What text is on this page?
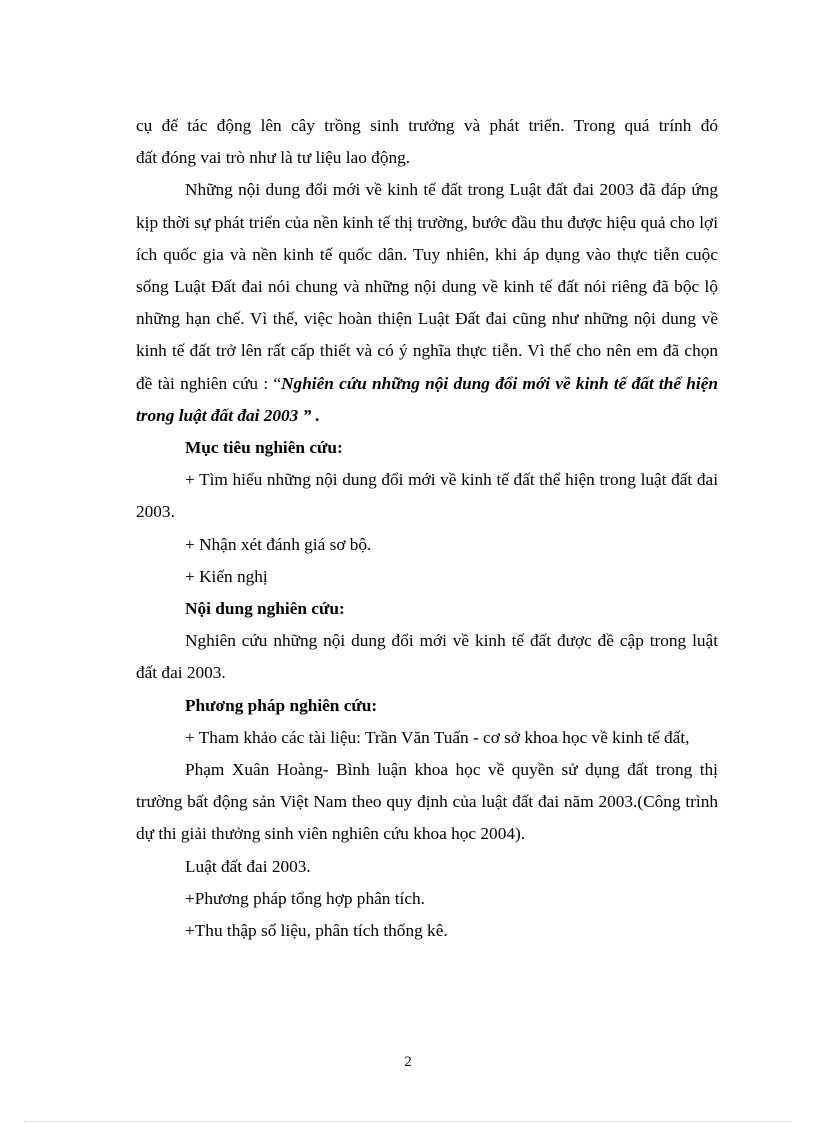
cụ để tác động lên cây trồng sinh trưởng và phát triển. Trong quá trính đó
đất đóng vai trò như là tư liệu lao động.

Những nội dung đổi mới về kinh tế đất trong Luật đất đai 2003 đã đáp ứng kịp thời sự phát triển của nền kinh tế thị trường, bước đầu thu được hiệu quả cho lợi ích quốc gia và nền kinh tế quốc dân. Tuy nhiên, khi áp dụng vào thực tiễn cuộc sống Luật Đất đai nói chung và những nội dung về kinh tế đất nói riêng đã bộc lộ những hạn chế. Vì thế, việc hoàn thiện Luật Đất đai cũng như những nội dung về kinh tế đất trở lên rất cấp thiết và có ý nghĩa thực tiễn. Vì thế cho nên em đã chọn đề tài nghiên cứu : “Nghiên cứu những nội dung đổi mới về kinh tế đất thể hiện trong luật đất đai 2003 ” .

Mục tiêu nghiên cứu:

+ Tìm hiểu những nội dung đổi mới về kinh tế đất thể hiện trong luật đất đai 2003.

+ Nhận xét đánh giá sơ bộ.

+ Kiến nghị

Nội dung nghiên cứu:

Nghiên cứu những nội dung đổi mới về kinh tế đất được đề cập trong luật đất đai 2003.

Phương pháp nghiên cứu:

+ Tham khảo các tài liệu: Trần Văn Tuấn - cơ sở khoa học về kinh tế đất,

Phạm Xuân Hoàng- Bình luận khoa học về quyền sử dụng đất trong thị trường bất động sản Việt Nam theo quy định của luật đất đai năm 2003.(Công trình dự thi giải thưởng sinh viên nghiên cứu khoa học 2004).

Luật đất đai 2003.

+Phương pháp tổng hợp phân tích.

+Thu thập số liệu, phân tích thống kê.

2
